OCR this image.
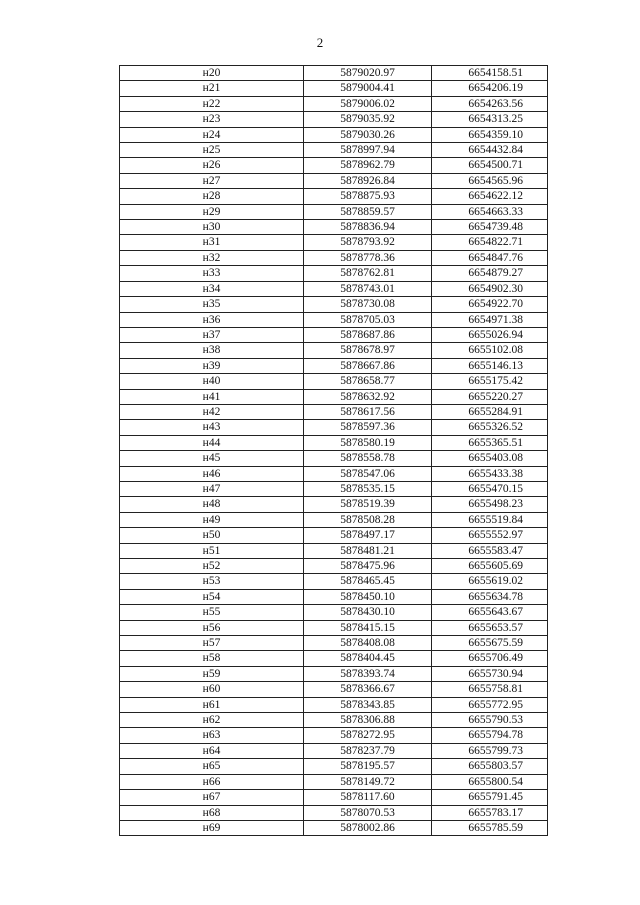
2
н20	5879020.97	6654158.51
н21	5879004.41	6654206.19
н22	5879006.02	6654263.56
н23	5879035.92	6654313.25
н24	5879030.26	6654359.10
н25	5878997.94	6654432.84
н26	5878962.79	6654500.71
н27	5878926.84	6654565.96
н28	5878875.93	6654622.12
н29	5878859.57	6654663.33
н30	5878836.94	6654739.48
н31	5878793.92	6654822.71
н32	5878778.36	6654847.76
н33	5878762.81	6654879.27
н34	5878743.01	6654902.30
н35	5878730.08	6654922.70
н36	5878705.03	6654971.38
н37	5878687.86	6655026.94
н38	5878678.97	6655102.08
н39	5878667.86	6655146.13
н40	5878658.77	6655175.42
н41	5878632.92	6655220.27
н42	5878617.56	6655284.91
н43	5878597.36	6655326.52
н44	5878580.19	6655365.51
н45	5878558.78	6655403.08
н46	5878547.06	6655433.38
н47	5878535.15	6655470.15
н48	5878519.39	6655498.23
н49	5878508.28	6655519.84
н50	5878497.17	6655552.97
н51	5878481.21	6655583.47
н52	5878475.96	6655605.69
н53	5878465.45	6655619.02
н54	5878450.10	6655634.78
н55	5878430.10	6655643.67
н56	5878415.15	6655653.57
н57	5878408.08	6655675.59
н58	5878404.45	6655706.49
н59	5878393.74	6655730.94
н60	5878366.67	6655758.81
н61	5878343.85	6655772.95
н62	5878306.88	6655790.53
н63	5878272.95	6655794.78
н64	5878237.79	6655799.73
н65	5878195.57	6655803.57
н66	5878149.72	6655800.54
н67	5878117.60	6655791.45
н68	5878070.53	6655783.17
н69	5878002.86	6655785.59
